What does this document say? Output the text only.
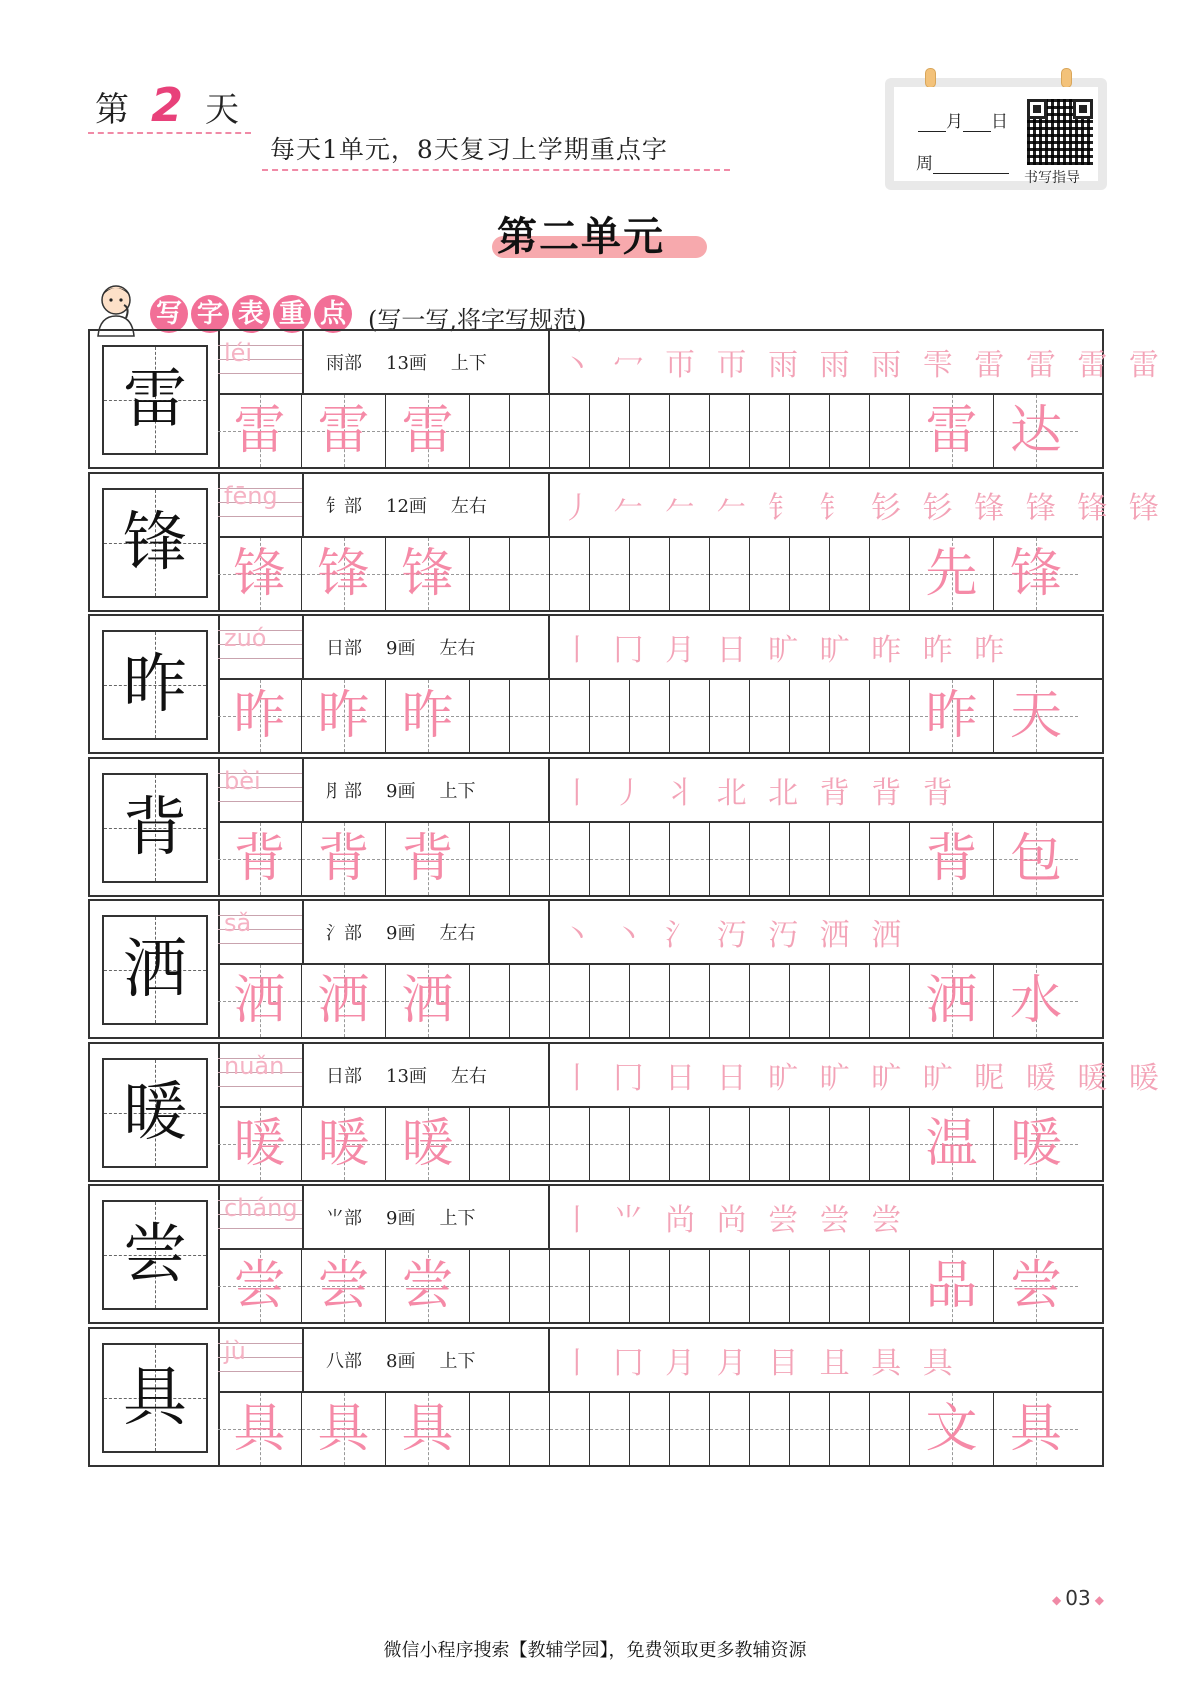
第 2 天
每天1单元，8天复习上学期重点字
月 日
周
书写指导
第二单元
写 字 表 重 点 (写一写,将字写规范)
雷
léi	雨部 13画 上下	丶 冖 帀 帀 雨 雨 雨 雫 雷 雷 雷 雷
雷 雷 雷	雷 达
锋
fēng	钅部 12画 左右	丿 𠂉 𠂉 𠂉 钅 钅 钐 钐 锋 锋 锋 锋
锋 锋 锋	先 锋
昨
zuó	日部 9画 左右	丨 冂 月 日 旷 旷 昨 昨 昨
昨 昨 昨	昨 天
背
bèi	⺼部 9画 上下	丨 丿 丬 北 北 背 背 背
背 背 背	背 包
洒
sǎ	氵部 9画 左右	丶 丶 氵 汅 汅 洒 洒
洒 洒 洒	洒 水
暖
nuǎn 日部 13画 左右	丨 冂 日 日 旷 旷 旷 旷 昵 暖 暖 暖
暖 暖 暖	温 暖
尝
cháng ⺌部 9画 上下	丨 ⺌ 尚 尚 尝 尝 尝
尝 尝 尝	品 尝
具
jù	八部 8画 上下	丨 冂 月 月 目 且 具 具
具 具 具	文 具
◆ 03 ◆
微信小程序搜索【教辅学园】，免费领取更多教辅资源
